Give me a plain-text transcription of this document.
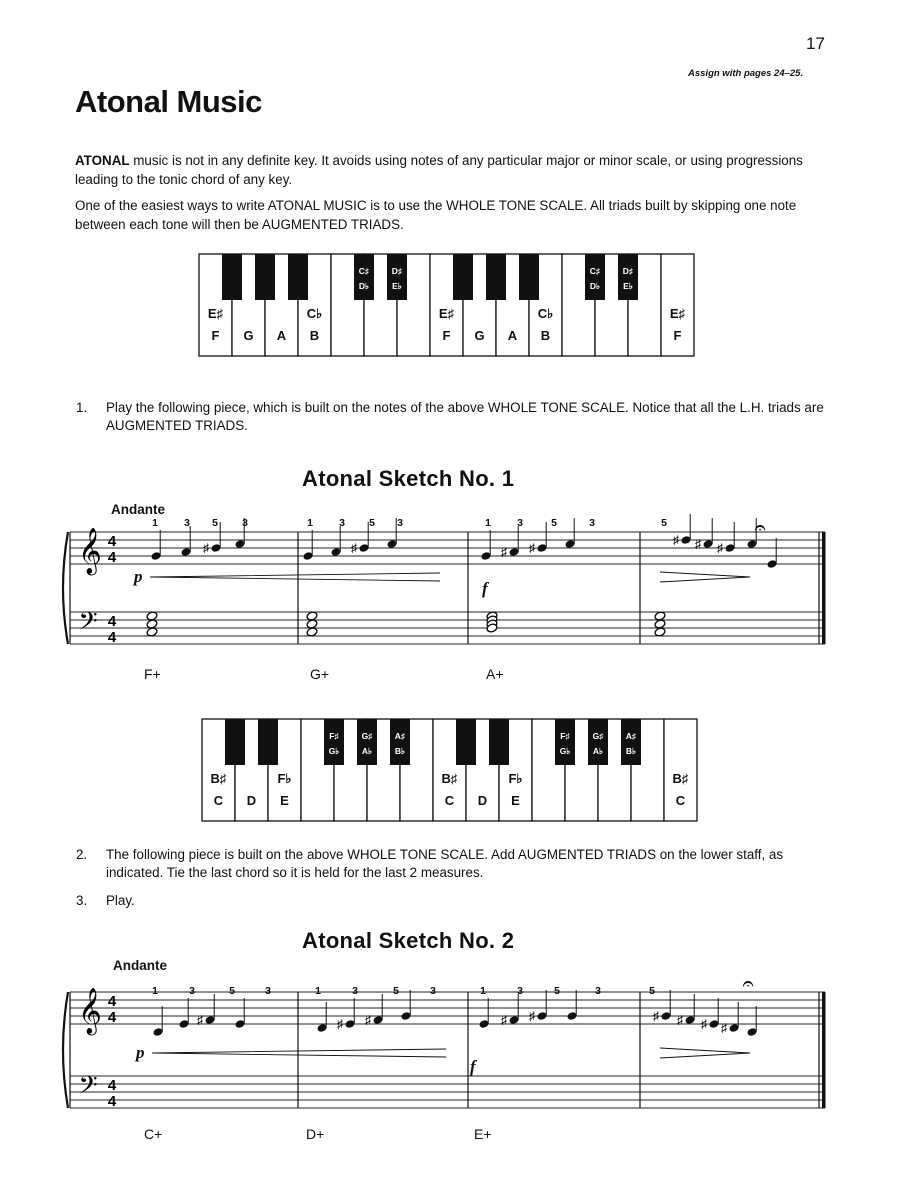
17
Assign with pages 24–25.
Atonal Music
ATONAL music is not in any definite key. It avoids using notes of any particular major or minor scale, or using progressions leading to the tonic chord of any key.
One of the easiest ways to write ATONAL MUSIC is to use the WHOLE TONE SCALE. All triads built by skipping one note between each tone will then be AUGMENTED TRIADS.
E♯
F G A
C♭
B
E♯
F G A
C♭
B
E♯
F
C♯
D♭
D♯
E♭
C♯
D♭
D♯
E♭
1. Play the following piece, which is built on the notes of the above WHOLE TONE SCALE. Notice that all the L.H. triads are AUGMENTED TRIADS.
Atonal Sketch No. 1
Andante
𝄞
𝄢
4
4
4
4
♯	♯	♯ ♯
♯ ♯ ♯
1 3 5 3	1 3 5 3	1 3	5	3	5
p
f
𝄐
F+	G+	A+
B♯
C D
F♭
E
B♯
C D
F♭
E
B♯
C
F♯
G♭
G♯
A♭
A♯
B♭
F♯
G♭
G♯
A♭
A♯
B♭
2. The following piece is built on the above WHOLE TONE SCALE. Add AUGMENTED TRIADS on the lower staff, as indicated. Tie the last chord so it is held for the last 2 measures.
3. Play.
Atonal Sketch No. 2
Andante
𝄞
𝄢
4
4
4
4
♯	♯ ♯	♯ ♯	♯ ♯ ♯ ♯
1	3	5	3	1	3	5	3	1	3	5	3	5
p
f
𝄐
C+	D+	E+
